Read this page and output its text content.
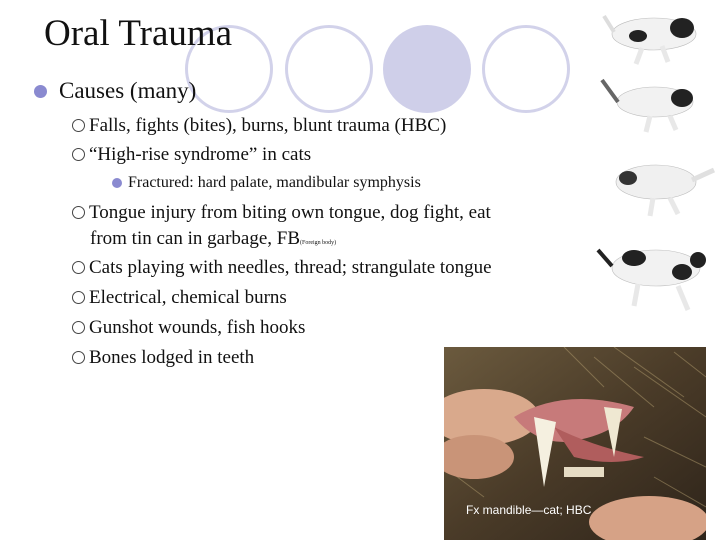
Oral Trauma
Causes (many)
Falls, fights (bites), burns, blunt trauma (HBC)
“High-rise syndrome” in cats
Fractured: hard palate, mandibular symphysis
Tongue injury from biting own tongue, dog fight, eat
from tin can in garbage, FB(Foreign body)
Cats playing with needles, thread; strangulate tongue
Electrical, chemical burns
Gunshot wounds, fish hooks
Bones lodged in teeth
Fx mandible—cat; HBC
